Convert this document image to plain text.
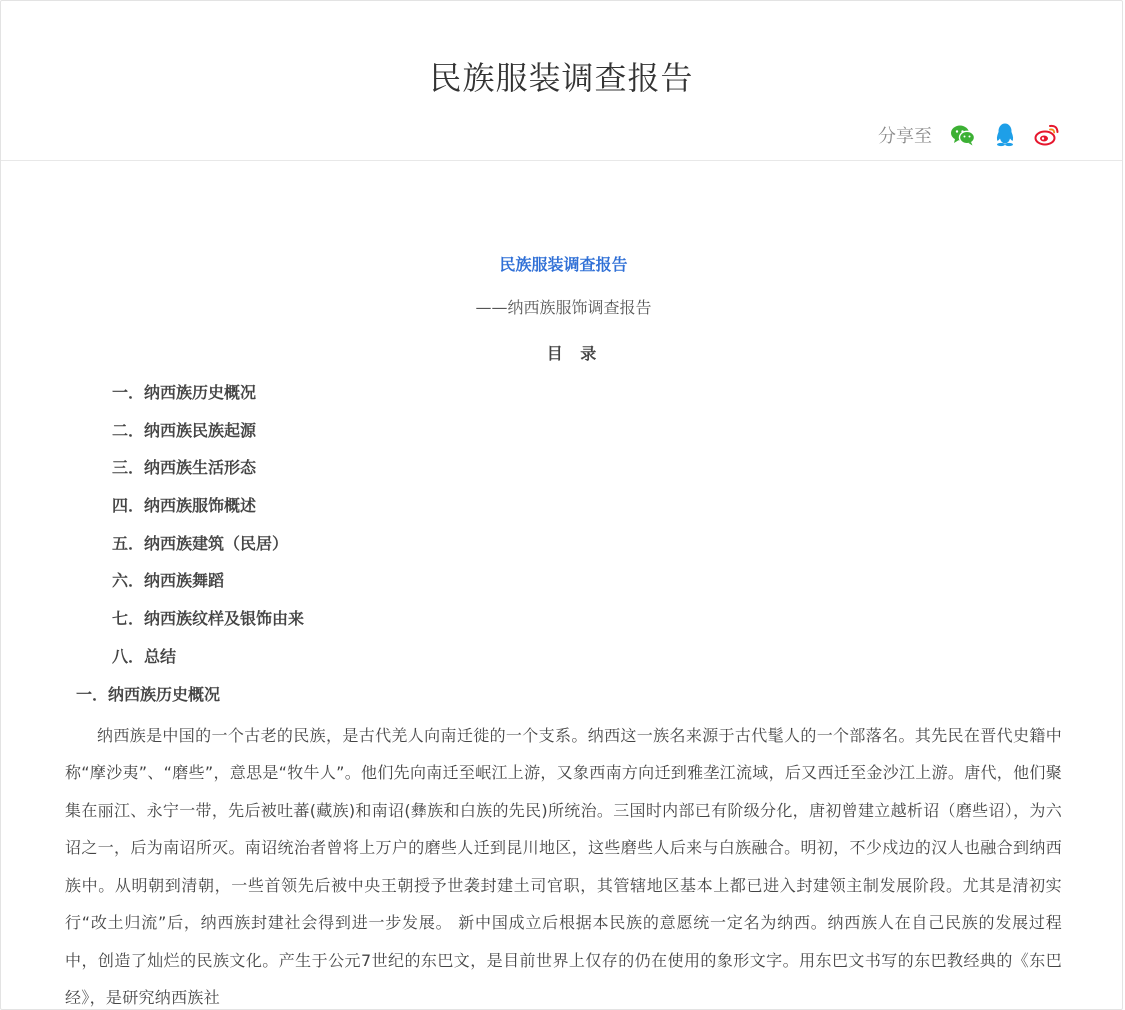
民族服装调查报告
分享至
民族服装调查报告
——纳西族服饰调查报告
目 录
一．纳西族历史概况
二．纳西族民族起源
三．纳西族生活形态
四．纳西族服饰概述
五．纳西族建筑（民居）
六．纳西族舞蹈
七．纳西族纹样及银饰由来
八．总结
一．纳西族历史概况

纳西族是中国的一个古老的民族，是古代羌人向南迁徙的一个支系。纳西这一族名来源于古代髦人的一个部落名。其先民在晋代史籍中称“摩沙夷”、“磨些”，意思是“牧牛人”。他们先向南迁至岷江上游，又象西南方向迁到雅垄江流域，后又西迁至金沙江上游。唐代，他们聚集在丽江、永宁一带，先后被吐蕃(藏族)和南诏(彝族和白族的先民)所统治。三国时内部已有阶级分化，唐初曾建立越析诏（磨些诏），为六诏之一，后为南诏所灭。南诏统治者曾将上万户的磨些人迁到昆川地区，这些磨些人后来与白族融合。明初，不少戍边的汉人也融合到纳西族中。从明朝到清朝，一些首领先后被中央王朝授予世袭封建土司官职，其管辖地区基本上都已进入封建领主制发展阶段。尤其是清初实行“改土归流”后，纳西族封建社会得到进一步发展。 新中国成立后根据本民族的意愿统一定名为纳西。纳西族人在自己民族的发展过程中，创造了灿烂的民族文化。产生于公元7世纪的东巴文，是目前世界上仅存的仍在使用的象形文字。用东巴文书写的东巴教经典的《东巴经》，是研究纳西族社
